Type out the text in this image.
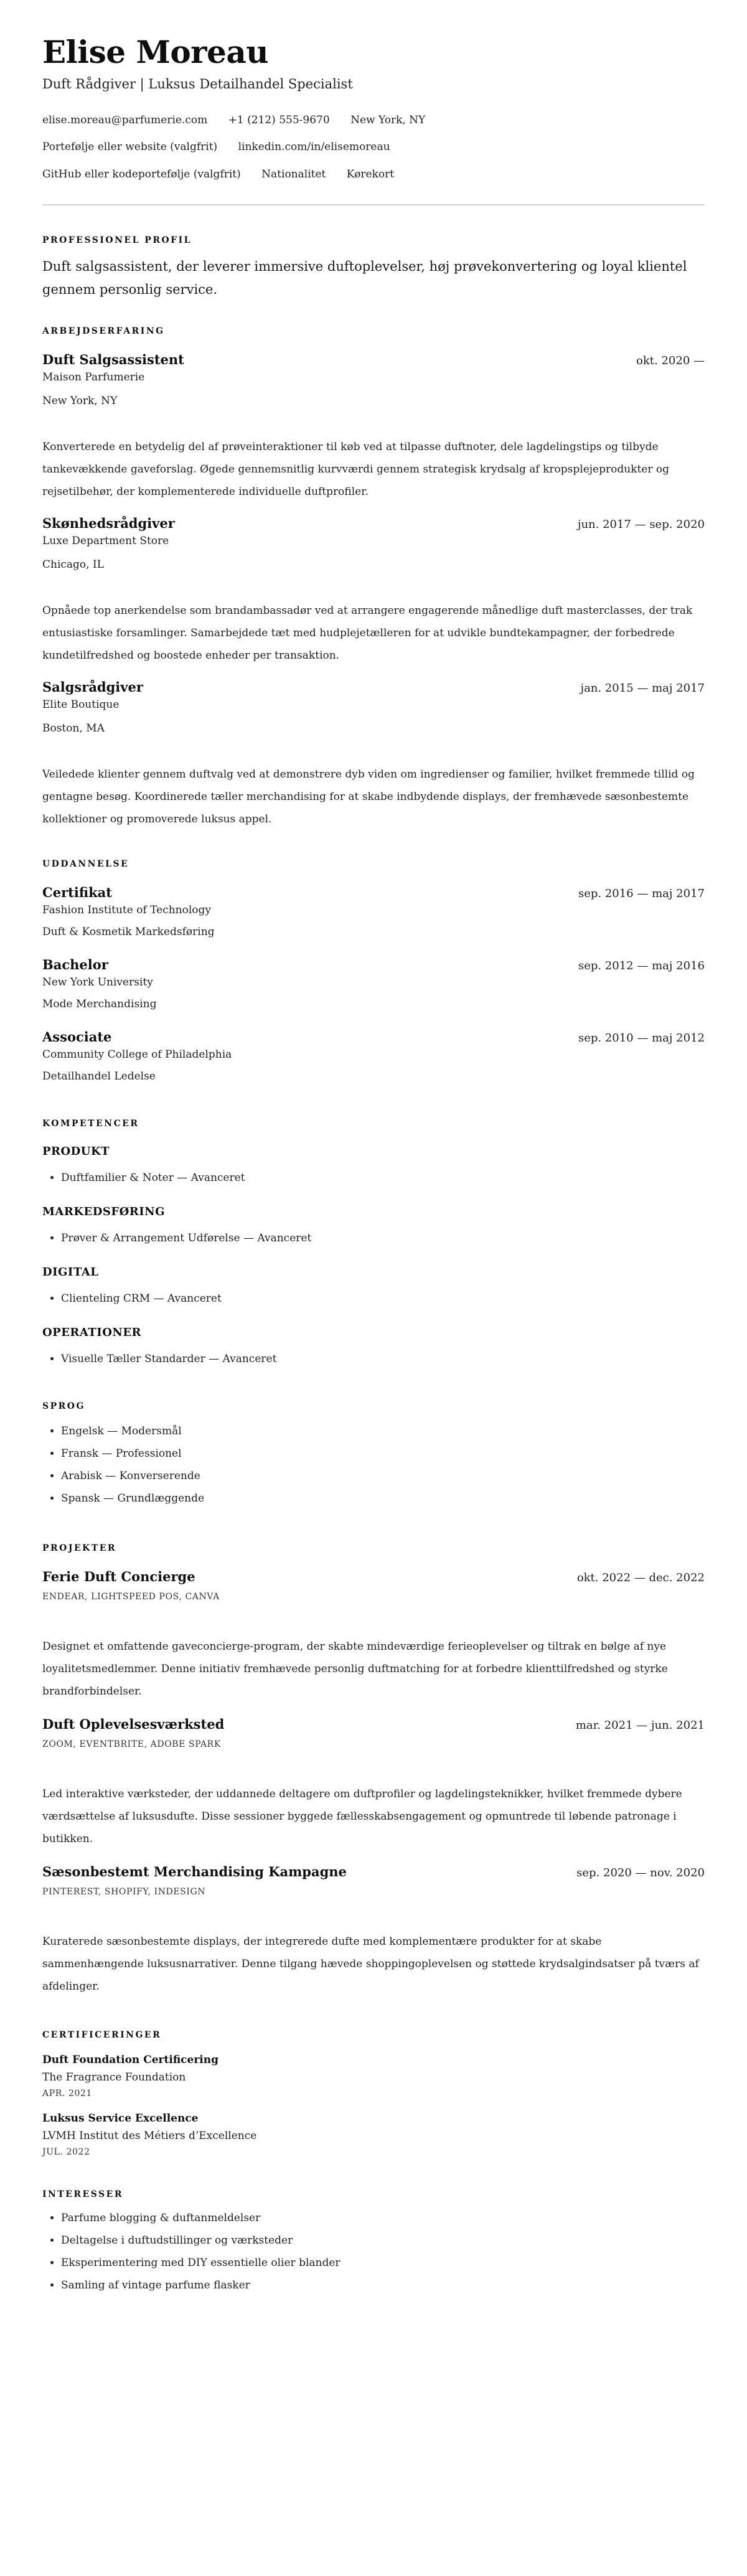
Elise Moreau
Duft Rådgiver | Luksus Detailhandel Specialist
elise.moreau@parfumerie.com +1 (212) 555-9670 New York, NY
Portefølje eller website (valgfrit) linkedin.com/in/elisemoreau
GitHub eller kodeportefølje (valgfrit) Nationalitet Kørekort
PROFESSIONEL PROFIL

Duft salgsassistent, der leverer immersive duftoplevelser, høj prøvekonvertering og loyal klientel gennem personlig service.

ARBEJDSERFARING
Duft Salgsassistent	okt. 2020 —
Maison Parfumerie
New York, NY
Konverterede en betydelig del af prøveinteraktioner til køb ved at tilpasse duftnoter, dele lagdelingstips og tilbyde tankevækkende gaveforslag. Øgede gennemsnitlig kurvværdi gennem strategisk krydsalg af kropsplejeprodukter og rejsetilbehør, der komplementerede individuelle duftprofiler.
Skønhedsrådgiver	jun. 2017 — sep. 2020
Luxe Department Store
Chicago, IL
Opnåede top anerkendelse som brandambassadør ved at arrangere engagerende månedlige duft masterclasses, der trak entusiastiske forsamlinger. Samarbejdede tæt med hudplejetælleren for at udvikle bundtekampagner, der forbedrede kundetilfredshed og boostede enheder per transaktion.
Salgsrådgiver	jan. 2015 — maj 2017
Elite Boutique
Boston, MA
Veiledede klienter gennem duftvalg ved at demonstrere dyb viden om ingredienser og familier, hvilket fremmede tillid og gentagne besøg. Koordinerede tæller merchandising for at skabe indbydende displays, der fremhævede sæsonbestemte kollektioner og promoverede luksus appel.
UDDANNELSE
Certifikat	sep. 2016 — maj 2017
Fashion Institute of Technology
Duft & Kosmetik Markedsføring
Bachelor	sep. 2012 — maj 2016
New York University
Mode Merchandising
Associate	sep. 2010 — maj 2012
Community College of Philadelphia
Detailhandel Ledelse
KOMPETENCER
PRODUKT
• Duftfamilier & Noter — Avanceret
MARKEDSFØRING
• Prøver & Arrangement Udførelse — Avanceret
DIGITAL
• Clienteling CRM — Avanceret
OPERATIONER
• Visuelle Tæller Standarder — Avanceret
SPROG
• Engelsk — Modersmål
• Fransk — Professionel
• Arabisk — Konverserende
• Spansk — Grundlæggende
PROJEKTER
Ferie Duft Concierge	okt. 2022 — dec. 2022
ENDEAR, LIGHTSPEED POS, CANVA
Designet et omfattende gaveconcierge-program, der skabte mindeværdige ferieoplevelser og tiltrak en bølge af nye loyalitetsmedlemmer. Denne initiativ fremhævede personlig duftmatching for at forbedre klienttilfredshed og styrke brandforbindelser.
Duft Oplevelsesværksted	mar. 2021 — jun. 2021
ZOOM, EVENTBRITE, ADOBE SPARK
Led interaktive værksteder, der uddannede deltagere om duftprofiler og lagdelingsteknikker, hvilket fremmede dybere værdsættelse af luksusdufte. Disse sessioner byggede fællesskabsengagement og opmuntrede til løbende patronage i butikken.
Sæsonbestemt Merchandising Kampagne	sep. 2020 — nov. 2020
PINTEREST, SHOPIFY, INDESIGN
Kuraterede sæsonbestemte displays, der integrerede dufte med komplementære produkter for at skabe sammenhængende luksusnarrativer. Denne tilgang hævede shoppingoplevelsen og støttede krydsalgindsatser på tværs af afdelinger.
CERTIFICERINGER
Duft Foundation Certificering
The Fragrance Foundation
APR. 2021
Luksus Service Excellence
LVMH Institut des Métiers d’Excellence
JUL. 2022
INTERESSER
• Parfume blogging & duftanmeldelser
• Deltagelse i duftudstillinger og værksteder
• Eksperimentering med DIY essentielle olier blander
• Samling af vintage parfume flasker
